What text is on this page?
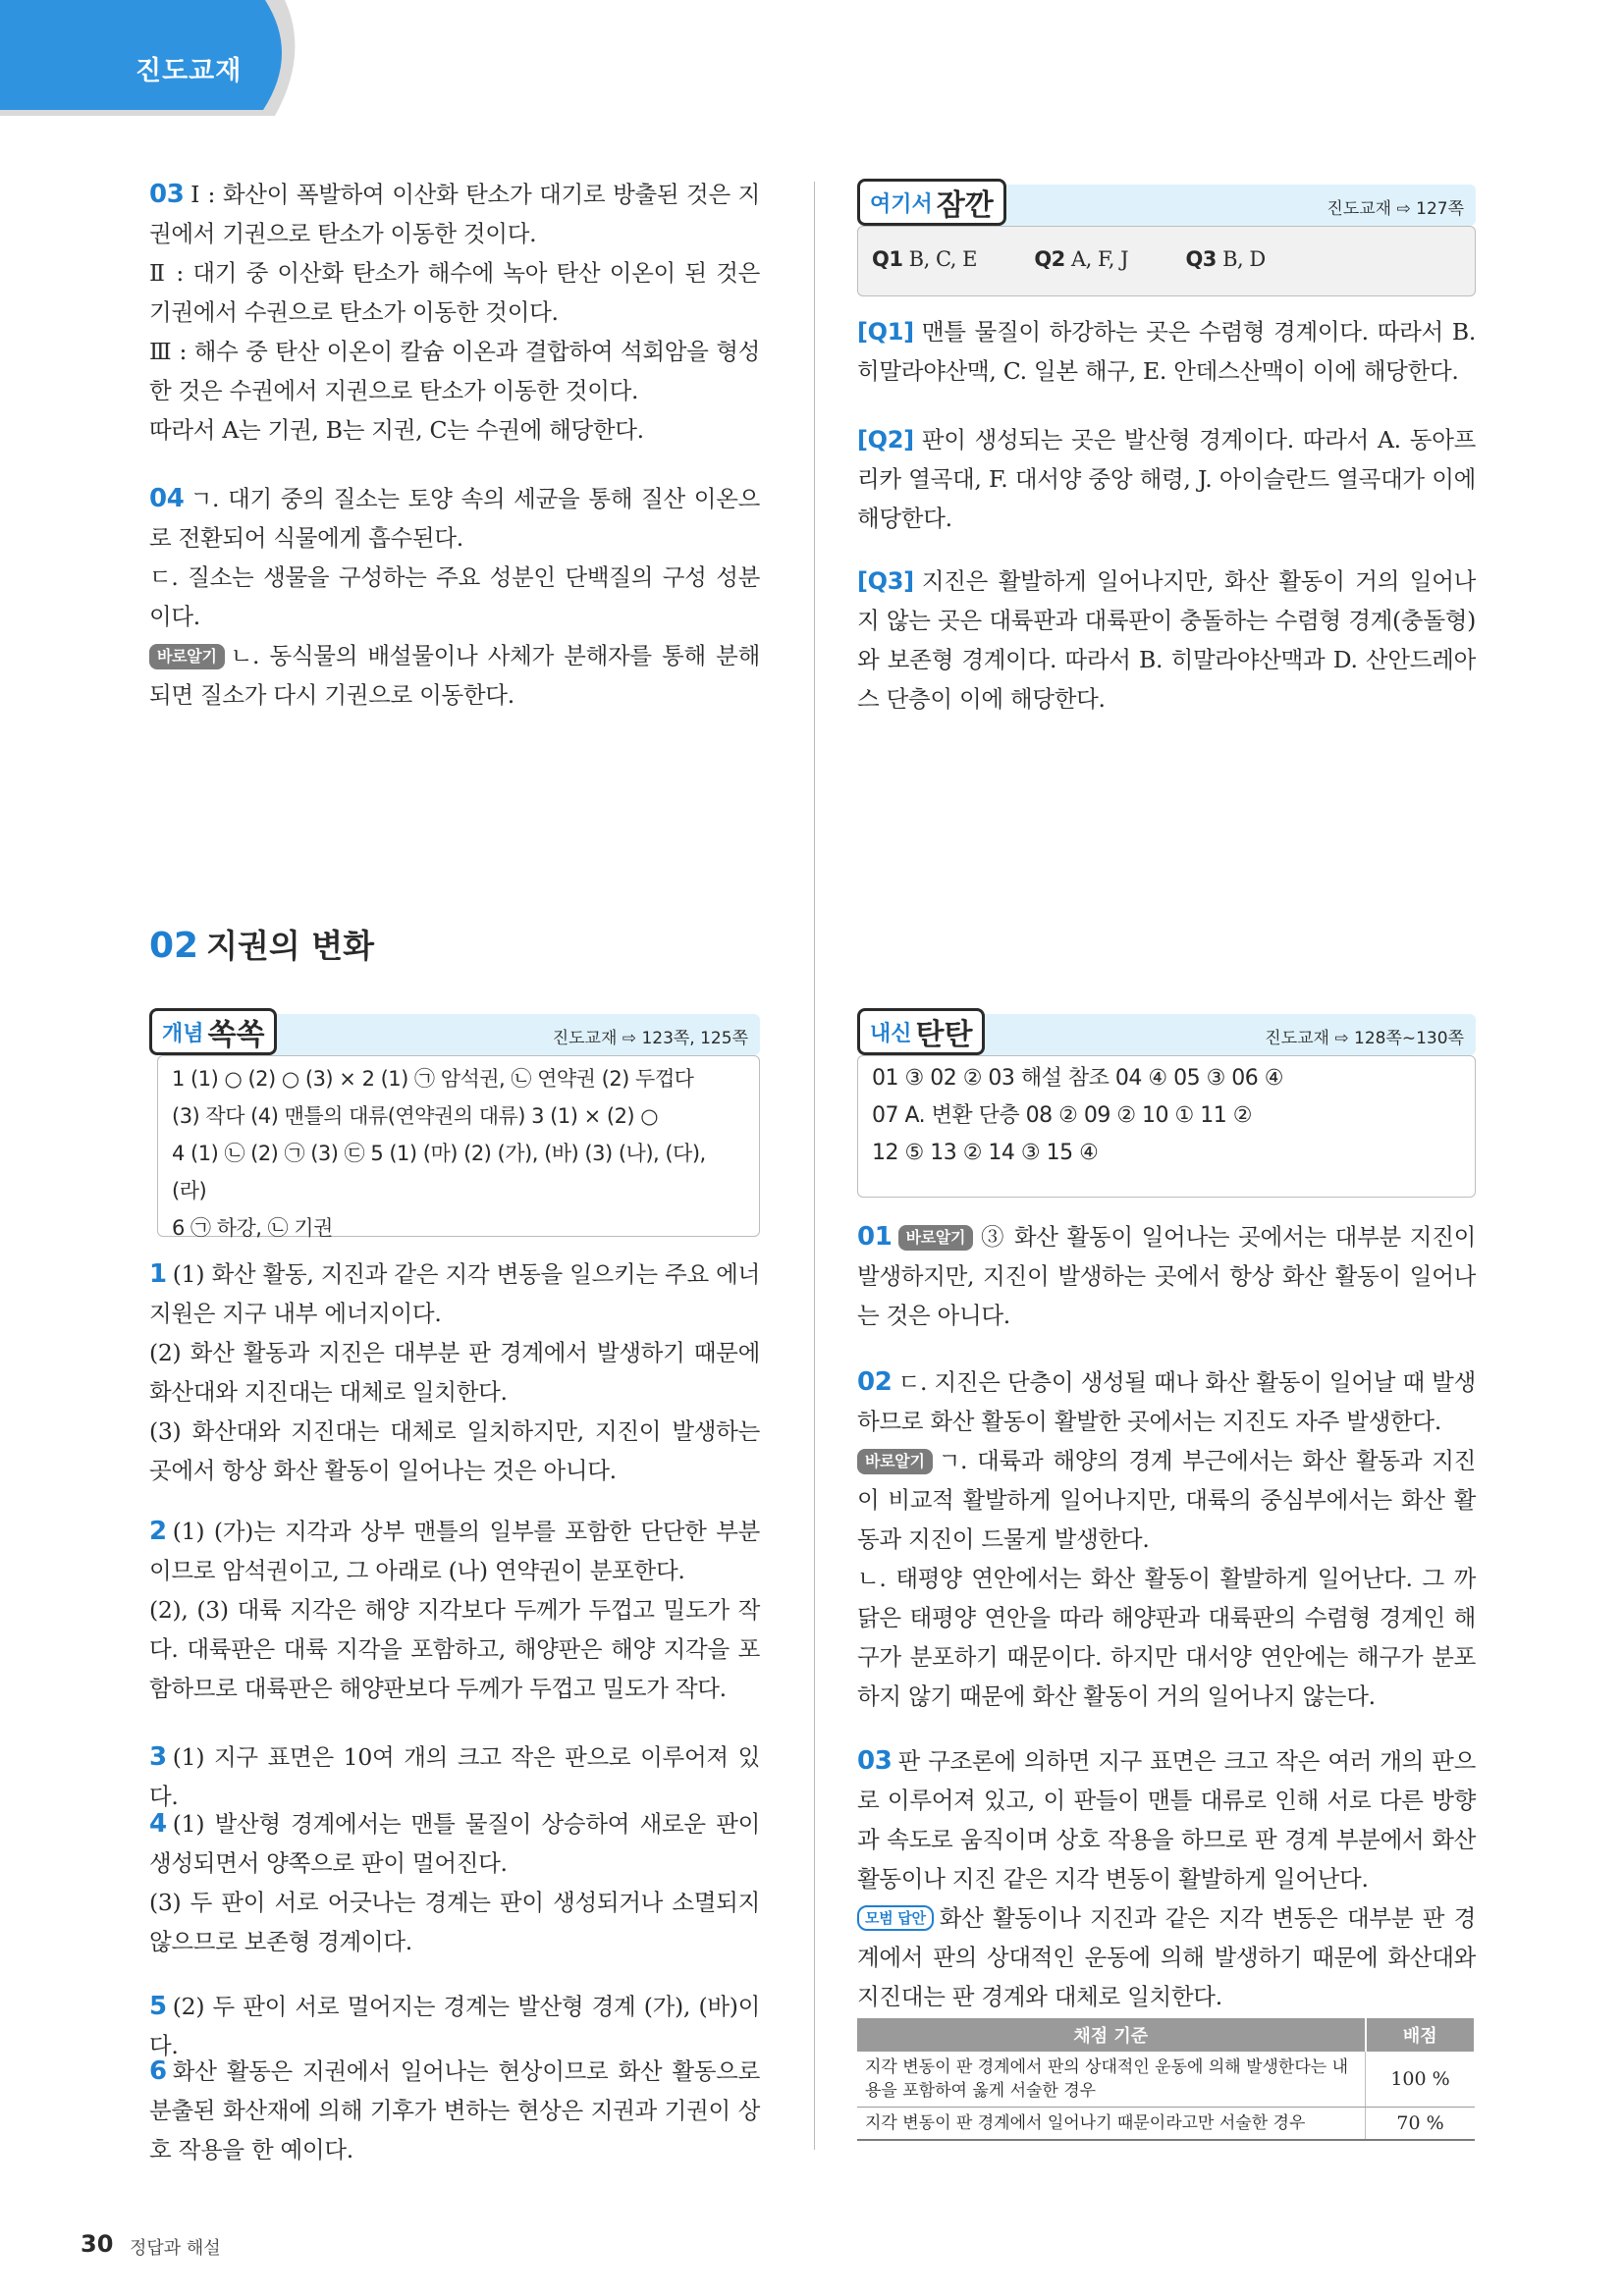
진도교재

03 Ⅰ : 화산이 폭발하여 이산화 탄소가 대기로 방출된 것은 지권에서 기권으로 탄소가 이동한 것이다.

Ⅱ : 대기 중 이산화 탄소가 해수에 녹아 탄산 이온이 된 것은 기권에서 수권으로 탄소가 이동한 것이다.

Ⅲ : 해수 중 탄산 이온이 칼슘 이온과 결합하여 석회암을 형성한 것은 수권에서 지권으로 탄소가 이동한 것이다.

따라서 A는 기권, B는 지권, C는 수권에 해당한다.

04 ㄱ. 대기 중의 질소는 토양 속의 세균을 통해 질산 이온으로 전환되어 식물에게 흡수된다.

ㄷ. 질소는 생물을 구성하는 주요 성분인 단백질의 구성 성분이다.

바로알기 ㄴ. 동식물의 배설물이나 사체가 분해자를 통해 분해되면 질소가 다시 기권으로 이동한다.

여기서 잠깐	진도교재 ⇨ 127쪽
Q1 B, C, E	Q2 A, F, J	Q3 B, D

[Q1] 맨틀 물질이 하강하는 곳은 수렴형 경계이다. 따라서 B. 히말라야산맥, C. 일본 해구, E. 안데스산맥이 이에 해당한다.

[Q2] 판이 생성되는 곳은 발산형 경계이다. 따라서 A. 동아프리카 열곡대, F. 대서양 중앙 해령, J. 아이슬란드 열곡대가 이에 해당한다.

[Q3] 지진은 활발하게 일어나지만, 화산 활동이 거의 일어나지 않는 곳은 대륙판과 대륙판이 충돌하는 수렴형 경계(충돌형)와 보존형 경계이다. 따라서 B. 히말라야산맥과 D. 산안드레아스 단층이 이에 해당한다.

02 지권의 변화
개념 쏙쏙	진도교재 ⇨ 123쪽, 125쪽
1 (1) ○ (2) ○ (3) × 2 (1) ㉠ 암석권, ㉡ 연약권 (2) 두껍다
(3) 작다 (4) 맨틀의 대류(연약권의 대류) 3 (1) × (2) ○
4 (1) ㉡ (2) ㉠ (3) ㉢ 5 (1) (마) (2) (가), (바) (3) (나), (다), (라)
6 ㉠ 하강, ㉡ 기권

1 (1) 화산 활동, 지진과 같은 지각 변동을 일으키는 주요 에너지원은 지구 내부 에너지이다.

(2) 화산 활동과 지진은 대부분 판 경계에서 발생하기 때문에 화산대와 지진대는 대체로 일치한다.

(3) 화산대와 지진대는 대체로 일치하지만, 지진이 발생하는 곳에서 항상 화산 활동이 일어나는 것은 아니다.

2 (1) (가)는 지각과 상부 맨틀의 일부를 포함한 단단한 부분이므로 암석권이고, 그 아래로 (나) 연약권이 분포한다.

(2), (3) 대륙 지각은 해양 지각보다 두께가 두껍고 밀도가 작다. 대륙판은 대륙 지각을 포함하고, 해양판은 해양 지각을 포함하므로 대륙판은 해양판보다 두께가 두껍고 밀도가 작다.

3 (1) 지구 표면은 10여 개의 크고 작은 판으로 이루어져 있다.

4 (1) 발산형 경계에서는 맨틀 물질이 상승하여 새로운 판이 생성되면서 양쪽으로 판이 멀어진다.

(3) 두 판이 서로 어긋나는 경계는 판이 생성되거나 소멸되지 않으므로 보존형 경계이다.

5 (2) 두 판이 서로 멀어지는 경계는 발산형 경계 (가), (바)이다.

6 화산 활동은 지권에서 일어나는 현상이므로 화산 활동으로 분출된 화산재에 의해 기후가 변하는 현상은 지권과 기권이 상호 작용을 한 예이다.

내신 탄탄	진도교재 ⇨ 128쪽∼130쪽
01 ③ 02 ② 03 해설 참조 04 ④ 05 ③ 06 ④
07 A. 변환 단층 08 ② 09 ② 10 ① 11 ②
12 ⑤ 13 ② 14 ③ 15 ④

01 바로알기 ③ 화산 활동이 일어나는 곳에서는 대부분 지진이 발생하지만, 지진이 발생하는 곳에서 항상 화산 활동이 일어나는 것은 아니다.

02 ㄷ. 지진은 단층이 생성될 때나 화산 활동이 일어날 때 발생하므로 화산 활동이 활발한 곳에서는 지진도 자주 발생한다.

바로알기 ㄱ. 대륙과 해양의 경계 부근에서는 화산 활동과 지진이 비교적 활발하게 일어나지만, 대륙의 중심부에서는 화산 활동과 지진이 드물게 발생한다.

ㄴ. 태평양 연안에서는 화산 활동이 활발하게 일어난다. 그 까닭은 태평양 연안을 따라 해양판과 대륙판의 수렴형 경계인 해구가 분포하기 때문이다. 하지만 대서양 연안에는 해구가 분포하지 않기 때문에 화산 활동이 거의 일어나지 않는다.

03 판 구조론에 의하면 지구 표면은 크고 작은 여러 개의 판으로 이루어져 있고, 이 판들이 맨틀 대류로 인해 서로 다른 방향과 속도로 움직이며 상호 작용을 하므로 판 경계 부분에서 화산 활동이나 지진 같은 지각 변동이 활발하게 일어난다.

모범 답안 화산 활동이나 지진과 같은 지각 변동은 대부분 판 경계에서 판의 상대적인 운동에 의해 발생하기 때문에 화산대와 지진대는 판 경계와 대체로 일치한다.

채점 기준	배점
지각 변동이 판 경계에서 판의 상대적인 운동에 의해 발생한다는 내용을 포함하여 옳게 서술한 경우	100 %
지각 변동이 판 경계에서 일어나기 때문이라고만 서술한 경우	70 %
30 정답과 해설
